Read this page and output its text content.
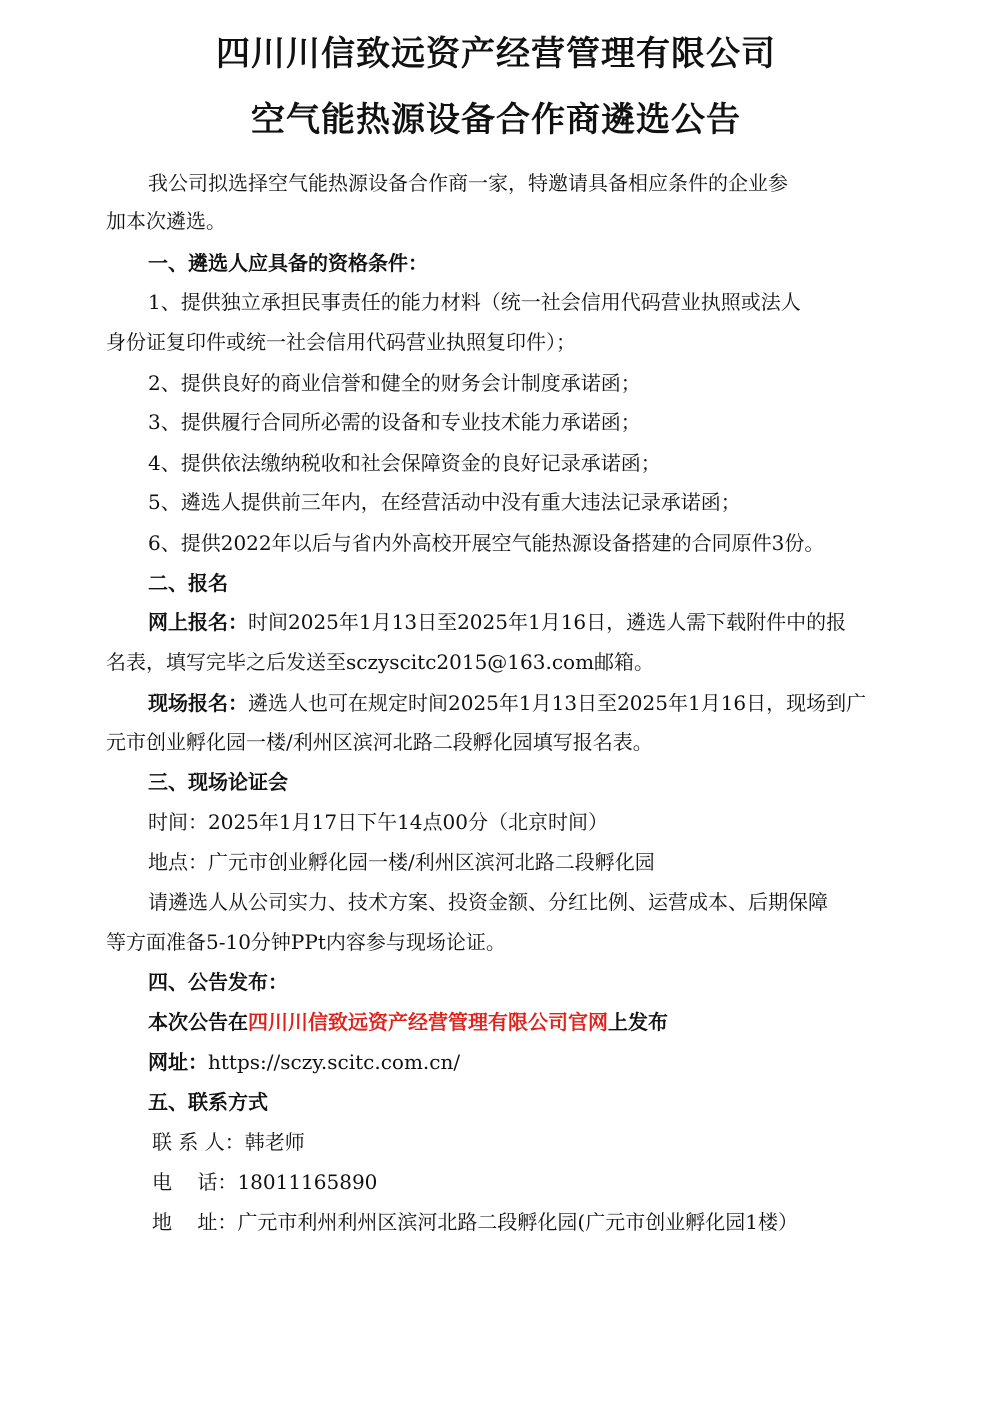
四川川信致远资产经营管理有限公司
空气能热源设备合作商遴选公告
我公司拟选择空气能热源设备合作商一家，特邀请具备相应条件的企业参
加本次遴选。
一、遴选人应具备的资格条件：
1、提供独立承担民事责任的能力材料（统一社会信用代码营业执照或法人
身份证复印件或统一社会信用代码营业执照复印件）；
2、提供良好的商业信誉和健全的财务会计制度承诺函；
3、提供履行合同所必需的设备和专业技术能力承诺函；
4、提供依法缴纳税收和社会保障资金的良好记录承诺函；
5、遴选人提供前三年内，在经营活动中没有重大违法记录承诺函；
6、提供2022年以后与省内外高校开展空气能热源设备搭建的合同原件3份。
二、报名
网上报名：时间2025年1月13日至2025年1月16日，遴选人需下载附件中的报
名表，填写完毕之后发送至sczyscitc2015@163.com邮箱。
现场报名：遴选人也可在规定时间2025年1月13日至2025年1月16日，现场到广
元市创业孵化园一楼/利州区滨河北路二段孵化园填写报名表。
三、现场论证会
时间：2025年1月17日下午14点00分（北京时间）
地点：广元市创业孵化园一楼/利州区滨河北路二段孵化园
请遴选人从公司实力、技术方案、投资金额、分红比例、运营成本、后期保障
等方面准备5-10分钟PPt内容参与现场论证。
四、公告发布：
本次公告在四川川信致远资产经营管理有限公司官网上发布
网址：https://sczy.scitc.com.cn/
五、联系方式
联 系 人：韩老师
电    话：18011165890
地    址：广元市利州利州区滨河北路二段孵化园(广元市创业孵化园1楼）
